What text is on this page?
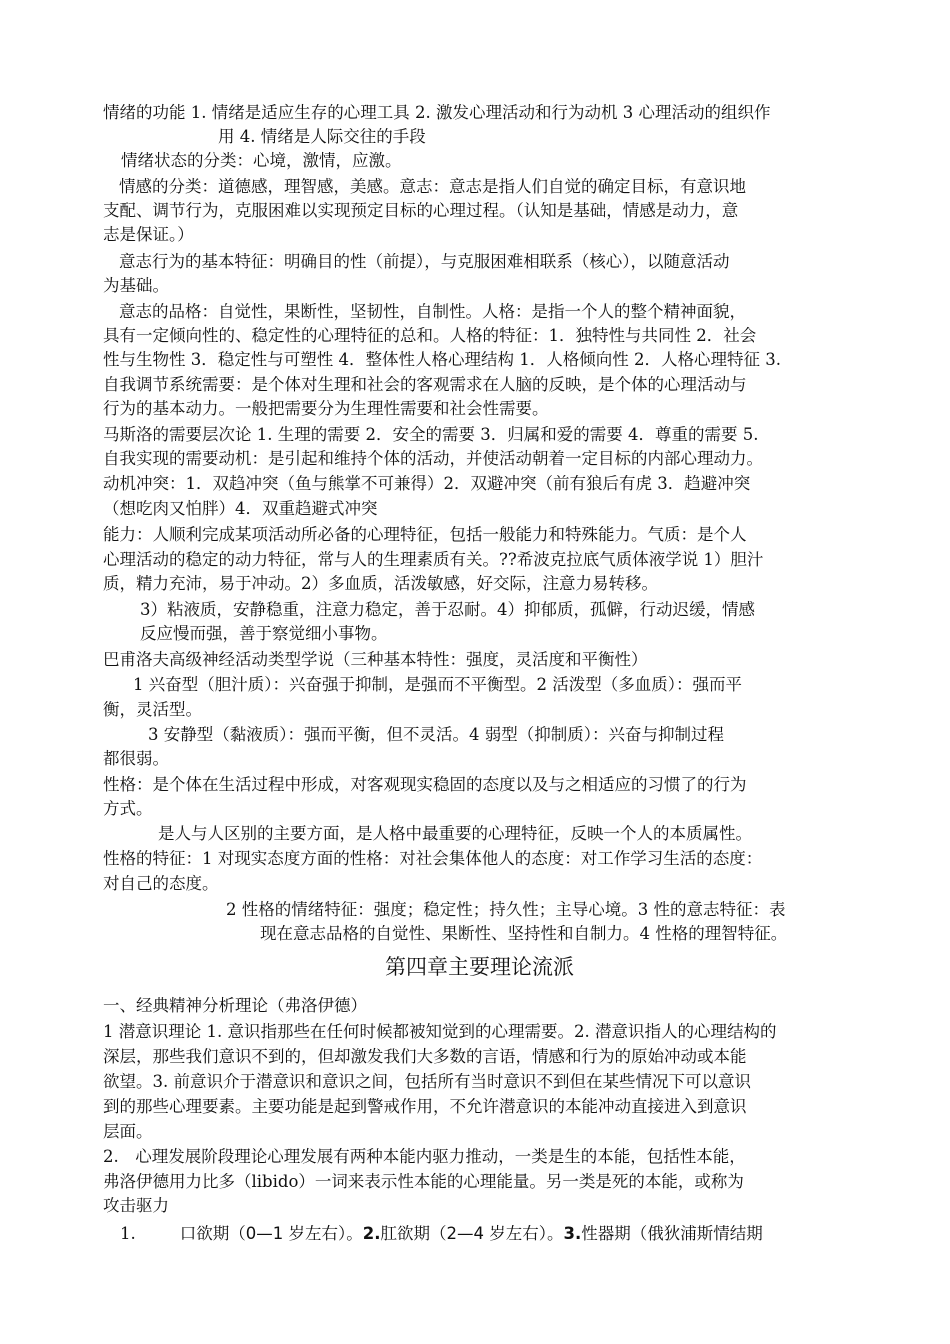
情绪的功能 1. 情绪是适应生存的心理工具 2. 激发心理活动和行为动机 3 心理活动的组织作
用 4. 情绪是人际交往的手段
情绪状态的分类：心境，激情，应激。
情感的分类：道德感，理智感，美感。意志：意志是指人们自觉的确定目标，有意识地
支配、调节行为，克服困难以实现预定目标的心理过程。（认知是基础，情感是动力，意
志是保证。）
意志行为的基本特征：明确目的性（前提），与克服困难相联系（核心），以随意活动
为基础。
意志的品格：自觉性，果断性，坚韧性，自制性。人格：是指一个人的整个精神面貌，
具有一定倾向性的、稳定性的心理特征的总和。人格的特征：1．独特性与共同性 2．社会
性与生物性 3．稳定性与可塑性 4．整体性人格心理结构 1．人格倾向性 2．人格心理特征 3.
自我调节系统需要：是个体对生理和社会的客观需求在人脑的反映，是个体的心理活动与
行为的基本动力。一般把需要分为生理性需要和社会性需要。
马斯洛的需要层次论 1. 生理的需要 2．安全的需要 3．归属和爱的需要 4．尊重的需要 5.
自我实现的需要动机：是引起和维持个体的活动，并使活动朝着一定目标的内部心理动力。
动机冲突：1．双趋冲突（鱼与熊掌不可兼得）2．双避冲突（前有狼后有虎 3．趋避冲突
（想吃肉又怕胖）4．双重趋避式冲突
能力：人顺利完成某项活动所必备的心理特征，包括一般能力和特殊能力。气质：是个人
心理活动的稳定的动力特征，常与人的生理素质有关。??希波克拉底气质体液学说 1）胆汁
质，精力充沛，易于冲动。2）多血质，活泼敏感，好交际，注意力易转移。
3）粘液质，安静稳重，注意力稳定，善于忍耐。4）抑郁质，孤僻，行动迟缓，情感
反应慢而强，善于察觉细小事物。
巴甫洛夫高级神经活动类型学说（三种基本特性：强度，灵活度和平衡性）
1 兴奋型（胆汁质）：兴奋强于抑制，是强而不平衡型。2 活泼型（多血质）：强而平
衡，灵活型。
3 安静型（黏液质）：强而平衡，但不灵活。4 弱型（抑制质）：兴奋与抑制过程
都很弱。
性格：是个体在生活过程中形成，对客观现实稳固的态度以及与之相适应的习惯了的行为
方式。
是人与人区别的主要方面，是人格中最重要的心理特征，反映一个人的本质属性。
性格的特征：1 对现实态度方面的性格：对社会集体他人的态度：对工作学习生活的态度：
对自己的态度。
2 性格的情绪特征：强度；稳定性；持久性；主导心境。3 性的意志特征：表
现在意志品格的自觉性、果断性、坚持性和自制力。4 性格的理智特征。
第四章主要理论流派
一、经典精神分析理论（弗洛伊德）
1 潜意识理论 1. 意识指那些在任何时候都被知觉到的心理需要。2. 潜意识指人的心理结构的
深层，那些我们意识不到的，但却激发我们大多数的言语，情感和行为的原始冲动或本能
欲望。3. 前意识介于潜意识和意识之间，包括所有当时意识不到但在某些情况下可以意识
到的那些心理要素。主要功能是起到警戒作用，不允许潜意识的本能冲动直接进入到意识
层面。
2.　心理发展阶段理论心理发展有两种本能内驱力推动，一类是生的本能，包括性本能，
弗洛伊德用力比多（libido）一词来表示性本能的心理能量。另一类是死的本能，或称为
攻击驱力
1.	口欲期（0—1 岁左右）。2.肛欲期（2—4 岁左右）。3.性器期（俄狄浦斯情结期
